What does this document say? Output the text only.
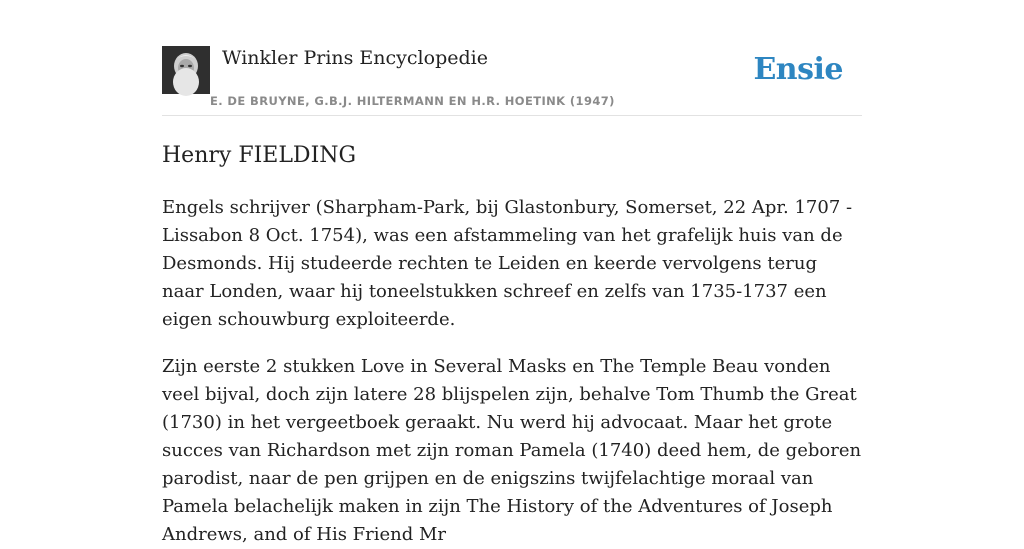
Winkler Prins Encyclopedie
E. DE BRUYNE, G.B.J. HILTERMANN EN H.R. HOETINK (1947)
Ensie
Henry FIELDING

Engels schrijver (Sharpham-Park, bij Glastonbury, Somerset, 22 Apr. 1707 - Lissabon 8 Oct. 1754), was een afstammeling van het grafelijk huis van de Desmonds. Hij studeerde rechten te Leiden en keerde vervolgens terug naar Londen, waar hij toneelstukken schreef en zelfs van 1735-1737 een eigen schouwburg exploiteerde.

Zijn eerste 2 stukken Love in Several Masks en The Temple Beau vonden veel bijval, doch zijn latere 28 blijspelen zijn, behalve Tom Thumb the Great (1730) in het vergeetboek geraakt. Nu werd hij advocaat. Maar het grote succes van Richardson met zijn roman Pamela (1740) deed hem, de geboren parodist, naar de pen grijpen en de enigszins twijfelachtige moraal van Pamela belachelijk maken in zijn The History of the Adventures of Joseph Andrews, and of His Friend Mr
